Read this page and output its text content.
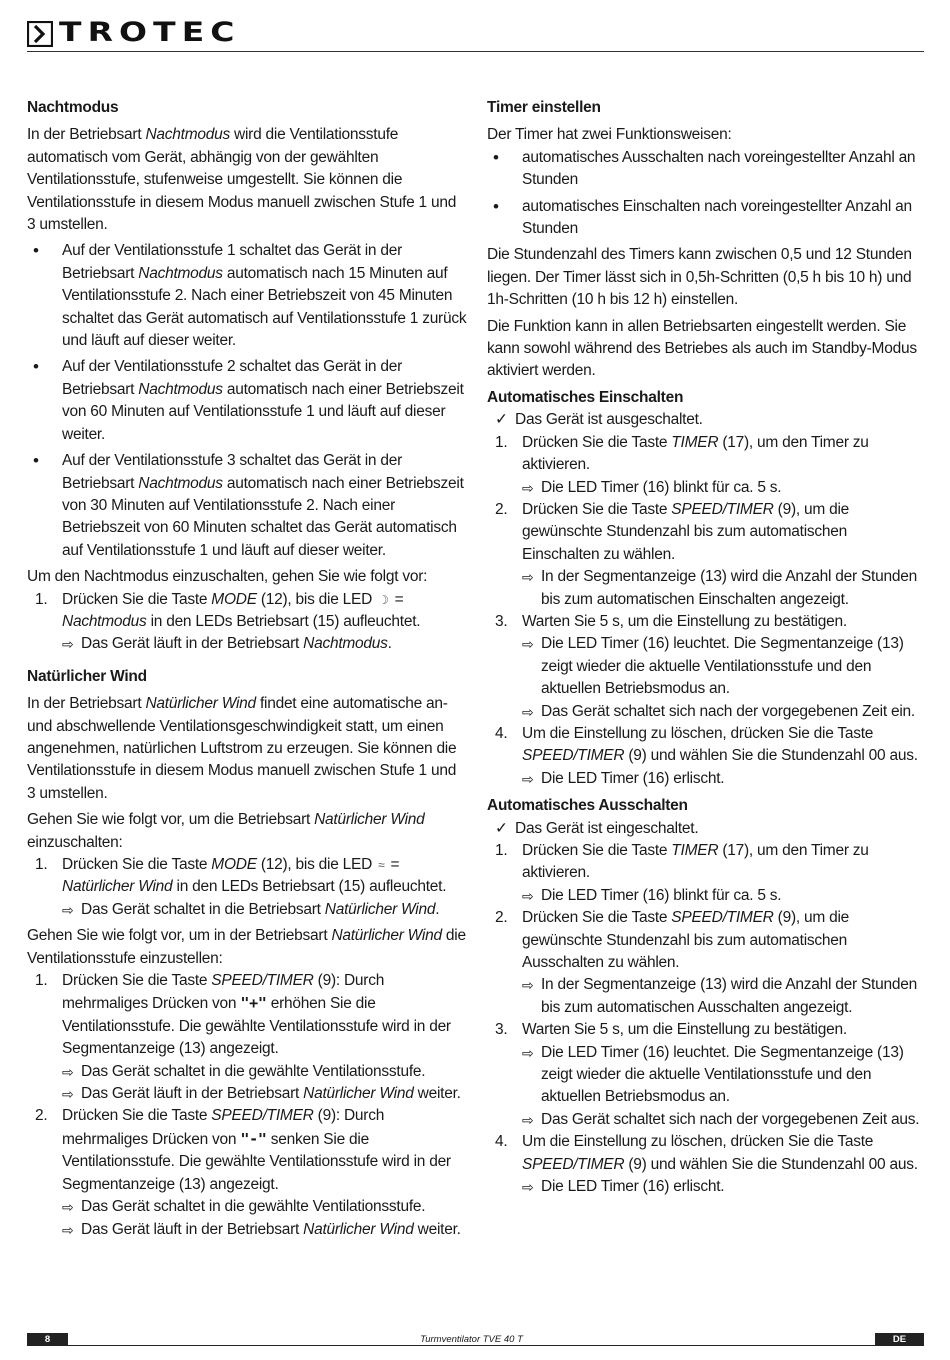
TROTEC
Nachtmodus

In der Betriebsart Nachtmodus wird die Ventilationsstufe automatisch vom Gerät, abhängig von der gewählten Ventilationsstufe, stufenweise umgestellt. Sie können die Ventilationsstufe in diesem Modus manuell zwischen Stufe 1 und 3 umstellen.

• Auf der Ventilationsstufe 1 schaltet das Gerät in der Betriebsart Nachtmodus automatisch nach 15 Minuten auf Ventilationsstufe 2. Nach einer Betriebszeit von 45 Minuten schaltet das Gerät automatisch auf Ventilationsstufe 1 zurück und läuft auf dieser weiter.
• Auf der Ventilationsstufe 2 schaltet das Gerät in der Betriebsart Nachtmodus automatisch nach einer Betriebszeit von 60 Minuten auf Ventilationsstufe 1 und läuft auf dieser weiter.
• Auf der Ventilationsstufe 3 schaltet das Gerät in der Betriebsart Nachtmodus automatisch nach einer Betriebszeit von 30 Minuten auf Ventilationsstufe 2. Nach einer Betriebszeit von 60 Minuten schaltet das Gerät automatisch auf Ventilationsstufe 1 und läuft auf dieser weiter.

Um den Nachtmodus einzuschalten, gehen Sie wie folgt vor:

1. Drücken Sie die Taste MODE (12), bis die LED ☽ = Nachtmodus in den LEDs Betriebsart (15) aufleuchtet.
⇨ Das Gerät läuft in der Betriebsart Nachtmodus.
Natürlicher Wind

In der Betriebsart Natürlicher Wind findet eine automatische an- und abschwellende Ventilationsgeschwindigkeit statt, um einen angenehmen, natürlichen Luftstrom zu erzeugen. Sie können die Ventilationsstufe in diesem Modus manuell zwischen Stufe 1 und 3 umstellen.

Gehen Sie wie folgt vor, um die Betriebsart Natürlicher Wind einzuschalten:

1. Drücken Sie die Taste MODE (12), bis die LED ≈ = Natürlicher Wind in den LEDs Betriebsart (15) aufleuchtet.
⇨ Das Gerät schaltet in die Betriebsart Natürlicher Wind.

Gehen Sie wie folgt vor, um in der Betriebsart Natürlicher Wind die Ventilationsstufe einzustellen:

1. Drücken Sie die Taste SPEED/TIMER (9): Durch mehrmaliges Drücken von "+" erhöhen Sie die Ventilationsstufe. Die gewählte Ventilationsstufe wird in der Segmentanzeige (13) angezeigt.
⇨ Das Gerät schaltet in die gewählte Ventilationsstufe.
⇨ Das Gerät läuft in der Betriebsart Natürlicher Wind weiter.
2. Drücken Sie die Taste SPEED/TIMER (9): Durch mehrmaliges Drücken von "-" senken Sie die Ventilationsstufe. Die gewählte Ventilationsstufe wird in der Segmentanzeige (13) angezeigt.
⇨ Das Gerät schaltet in die gewählte Ventilationsstufe.
⇨ Das Gerät läuft in der Betriebsart Natürlicher Wind weiter.
Timer einstellen

Der Timer hat zwei Funktionsweisen:

• automatisches Ausschalten nach voreingestellter Anzahl an Stunden
• automatisches Einschalten nach voreingestellter Anzahl an Stunden

Die Stundenzahl des Timers kann zwischen 0,5 und 12 Stunden liegen. Der Timer lässt sich in 0,5h-Schritten (0,5 h bis 10 h) und 1h-Schritten (10 h bis 12 h) einstellen.

Die Funktion kann in allen Betriebsarten eingestellt werden. Sie kann sowohl während des Betriebes als auch im Standby-Modus aktiviert werden.

Automatisches Einschalten
✓ Das Gerät ist ausgeschaltet.
1. Drücken Sie die Taste TIMER (17), um den Timer zu aktivieren.
⇨ Die LED Timer (16) blinkt für ca. 5 s.
2. Drücken Sie die Taste SPEED/TIMER (9), um die gewünschte Stundenzahl bis zum automatischen Einschalten zu wählen.
⇨ In der Segmentanzeige (13) wird die Anzahl der Stunden bis zum automatischen Einschalten angezeigt.
3. Warten Sie 5 s, um die Einstellung zu bestätigen.
⇨ Die LED Timer (16) leuchtet. Die Segmentanzeige (13) zeigt wieder die aktuelle Ventilationsstufe und den aktuellen Betriebsmodus an.
⇨ Das Gerät schaltet sich nach der vorgegebenen Zeit ein.
4. Um die Einstellung zu löschen, drücken Sie die Taste SPEED/TIMER (9) und wählen Sie die Stundenzahl 00 aus.
⇨ Die LED Timer (16) erlischt.
Automatisches Ausschalten
✓ Das Gerät ist eingeschaltet.
1. Drücken Sie die Taste TIMER (17), um den Timer zu aktivieren.
⇨ Die LED Timer (16) blinkt für ca. 5 s.
2. Drücken Sie die Taste SPEED/TIMER (9), um die gewünschte Stundenzahl bis zum automatischen Ausschalten zu wählen.
⇨ In der Segmentanzeige (13) wird die Anzahl der Stunden bis zum automatischen Ausschalten angezeigt.
3. Warten Sie 5 s, um die Einstellung zu bestätigen.
⇨ Die LED Timer (16) leuchtet. Die Segmentanzeige (13) zeigt wieder die aktuelle Ventilationsstufe und den aktuellen Betriebsmodus an.
⇨ Das Gerät schaltet sich nach der vorgegebenen Zeit aus.
4. Um die Einstellung zu löschen, drücken Sie die Taste SPEED/TIMER (9) und wählen Sie die Stundenzahl 00 aus.
⇨ Die LED Timer (16) erlischt.
8	Turmventilator TVE 40 T	DE
